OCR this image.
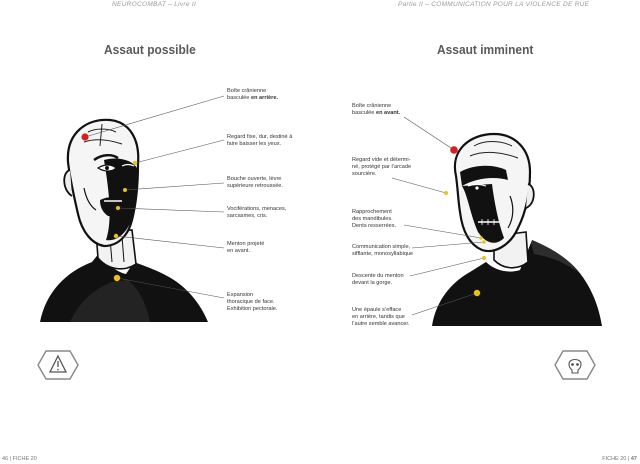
NEUROCOMBAT – Livre II	Partie II – COMMUNICATION POUR LA VIOLENCE DE RUE
Assaut possible	Assaut imminent
Boîte crânienne
basculée en arrière.
Regard fixe, dur, destiné à
faire baisser les yeux.
Bouche ouverte, lèvre
supérieure retroussée.
Vociférations, menaces,
sarcasmes, cris.
Menton projeté
en avant.
Expansion
thoracique de face.
Exhibition pectorale.
Boîte crânienne
basculée en avant.
Regard vide et détermi-
né, protégé par l’arcade
sourcière.
Rapprochement
des mandibules.
Dents resserrées.
Communication simple,
sifflante, monosyllabique
Descente du menton
devant la gorge.
Une épaule s’efface
en arrière, tandis que
l’autre semble avancer.
46 | FICHE 20	FICHE 20 | 47
